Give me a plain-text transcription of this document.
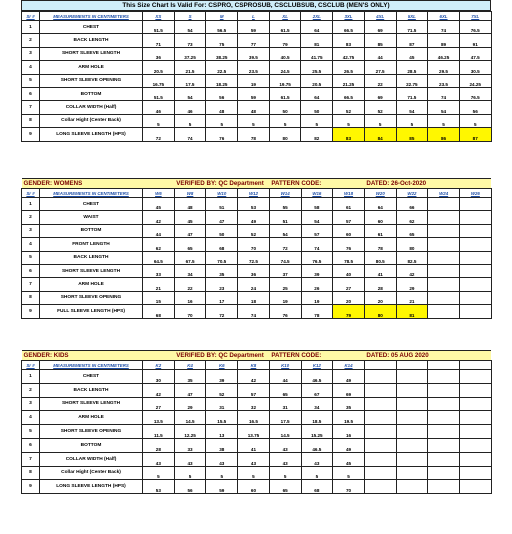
This Size Chart Is Valid For: CSPRO, CSPROSUB, CSCLUBSUB, CSCLUB (MEN'S ONLY)
Sr #	MEASUREMENTS IN CENTIMETERS	XS	S	M	L	XL	2XL	3XL	4XL	5XL	6XL	7XL
1	CHEST	51.5	54	56.5	59	61.5	64	66.5	69	71.5	74	76.5
2	BACK LENGTH	71	73	75	77	79	81	83	85	87	89	91
3	SHORT SLEEVE LENGTH	36	37.25	38.25	39.5	40.5	41.75	42.75	44	45	46.25	47.5
4	ARM HOLE	20.5	21.5	22.5	23.5	24.5	25.5	26.5	27.5	28.5	29.5	30.5
5	SHORT SLEEVE OPENING	16.75	17.5	18.25	19	19.75	20.5	21.25	22	22.75	23.5	24.25
6	BOTTOM	51.5	54	56	59	61.5	64	66.5	69	71.5	74	76.5
7	COLLAR WIDTH (Half)	46	46	48	48	50	50	52	52	54	54	56
8	Collar Hight (Center Back)	5	5	5	5	5	5	5	5	5	5	5
9	LONG SLEEVE LENGTH (HPS)	72	74	76	78	80	82	83	84	85	86	87
GENDER: WOMENS			VERIFIED BY: QC Department			PATTERN CODE:			DATED: 26-Oct-2020			
Sr #	MEASUREMENTS IN CENTIMETERS	W6	W8	W10	W12	W14	W16	W18	W20	W22	W24	W26
1	CHEST	45	48	51	53	55	58	61	64	66		
2	WAIST	42	45	47	49	51	54	57	60	62		
3	BOTTOM	44	47	50	52	54	57	60	61	65		
4	FRONT LENGTH	62	65	68	70	72	74	76	78	80		
5	BACK LENGTH	64.5	67.5	70.5	72.5	74.5	76.5	78.5	80.5	82.5		
6	SHORT SLEEVE LENGTH	33	34	35	36	37	39	40	41	42		
7	ARM HOLE	21	22	23	24	25	26	27	28	29		
8	SHORT SLEEVE OPENING	15	16	17	18	19	19	20	20	21		
9	FULL SLEEVE LENGTH (HPS)	68	70	72	74	76	78	79	80	81		
GENDER: KIDS			VERIFIED BY: QC Department			PATTERN CODE:			DATED: 05 AUG 2020			
Sr #	MEASUREMENTS IN CENTIMETERS	K2	K4	K6	K8	K10	K12	K14				
1	CHEST	30	35	39	42	44	46.5	49				
2	BACK LENGTH	42	47	52	57	65	67	69				
3	SHORT SLEEVE LENGTH	27	29	31	32	31	34	35				
4	ARM HOLE	13.5	14.5	15.5	16.5	17.5	18.5	19.5				
5	SHORT SLEEVE OPENING	11.5	12.25	13	13.75	14.5	15.25	16				
6	BOTTOM	28	33	38	41	43	46.5	49				
7	COLLAR WIDTH (Half)	43	43	43	43	43	43	45				
8	Collar Hight (Center Back)	5	5	5	5	5	5	5				
9	LONG SLEEVE LENGTH (HPS)	53	56	59	60	65	68	70				
